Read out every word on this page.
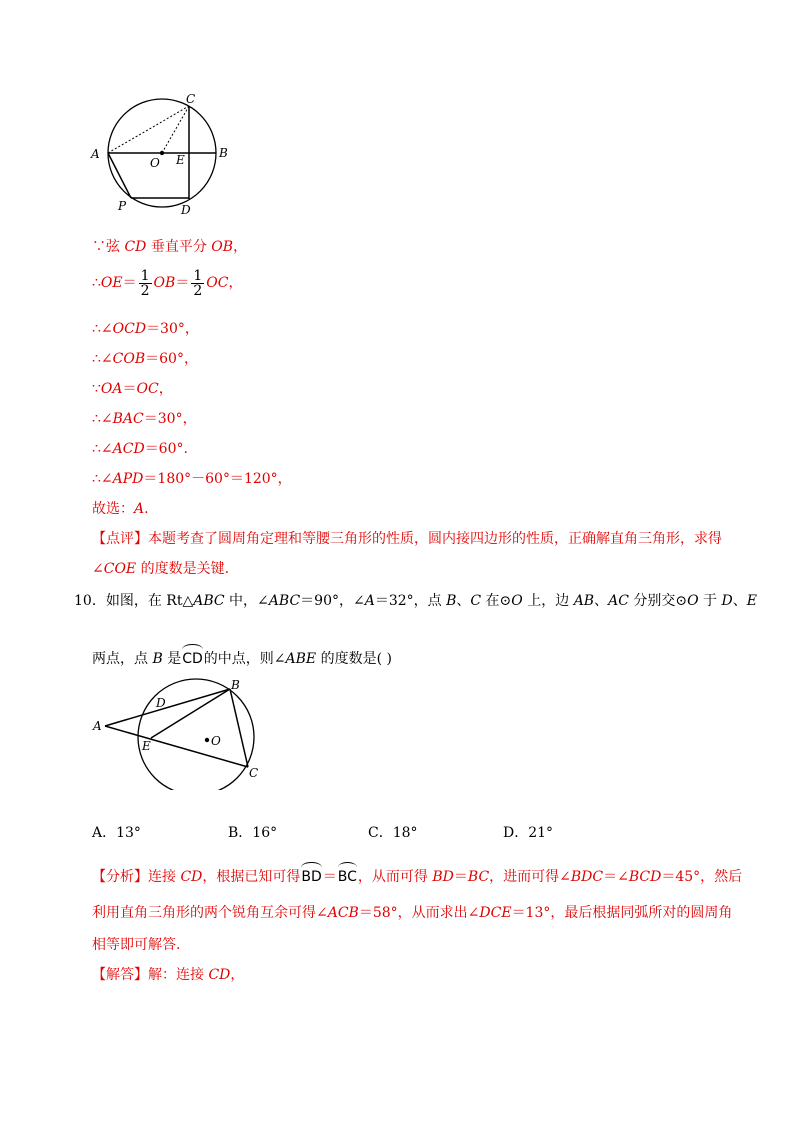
A	B
C
D
E
O
P
∵弦 CD 垂直平分 OB，
∴OE＝ $\frac{1}{2} OB= \frac{1}{2}$ OC，
∴∠OCD＝30°，
∴∠COB＝60°，
∵OA＝OC，
∴∠BAC＝30°，
∴∠ACD＝60°.
∴∠APD＝180°－60°＝120°，
故选：A.
【点评】本题考查了圆周角定理和等腰三角形的性质，圆内接四边形的性质，正确解直角三角形，求得
∠COE 的度数是关键.
10．如图，在 Rt△ABC 中，∠ABC＝90°，∠A＝32°，点 B、C 在⊙O 上，边 AB、AC 分别交⊙O 于 D、E
两点，点 B 是CD的中点，则∠ABE 的度数是( )
A
B
C
D
E	O
A．13°	B．16°	C．18°	D．21°
【分析】连接 CD，根据已知可得BD＝BC，从而可得 BD＝BC，进而可得∠BDC＝∠BCD＝45°，然后
利用直角三角形的两个锐角互余可得∠ACB＝58°，从而求出∠DCE＝13°，最后根据同弧所对的圆周角
相等即可解答.
【解答】解：连接 CD，
